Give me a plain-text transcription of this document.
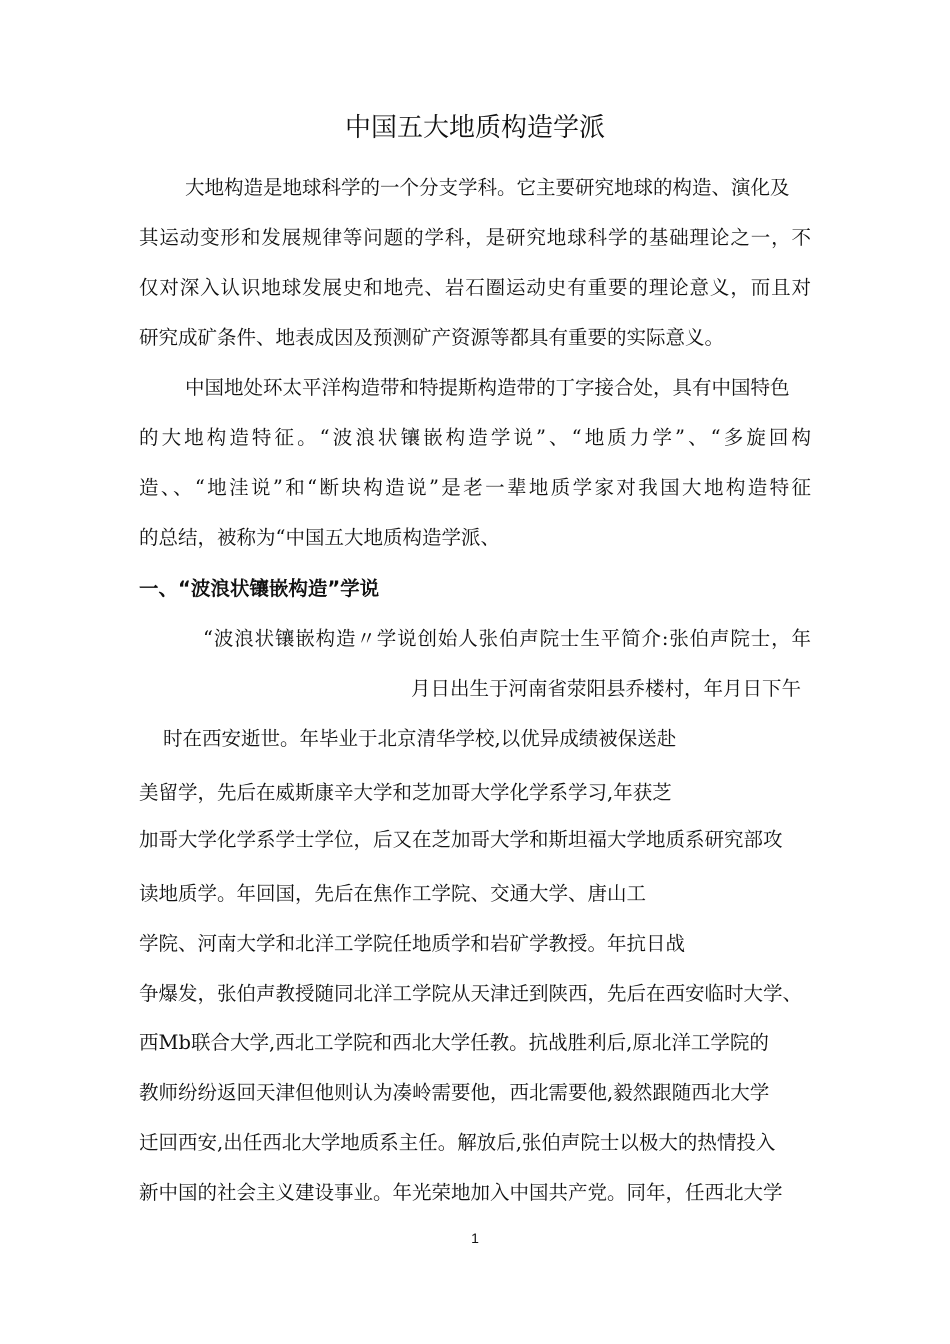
中国五大地质构造学派
大地构造是地球科学的一个分支学科。它主要研究地球的构造、演化及
其运动变形和发展规律等问题的学科，是研究地球科学的基础理论之一，不
仅对深入认识地球发展史和地壳、岩石圈运动史有重要的理论意义，而且对
研究成矿条件、地表成因及预测矿产资源等都具有重要的实际意义。
中国地处环太平洋构造带和特提斯构造带的丁字接合处，具有中国特色
的大地构造特征。“波浪状镶嵌构造学说”、“地质力学”、“多旋回构
造、、“地洼说”和“断块构造说”是老一辈地质学家对我国大地构造特征
的总结，被称为“中国五大地质构造学派、
一、“波浪状镶嵌构造”学说
“波浪状镶嵌构造〃学说创始人张伯声院士生平简介:张伯声院士，年
月日出生于河南省荥阳县乔楼村，年月日下午
时在西安逝世。年毕业于北京清华学校,以优异成绩被保送赴
美留学，先后在威斯康辛大学和芝加哥大学化学系学习,年获芝
加哥大学化学系学士学位，后又在芝加哥大学和斯坦福大学地质系研究部攻
读地质学。年回国，先后在焦作工学院、交通大学、唐山工
学院、河南大学和北洋工学院任地质学和岩矿学教授。年抗日战
争爆发，张伯声教授随同北洋工学院从天津迁到陕西，先后在西安临时大学、
西Mb联合大学,西北工学院和西北大学任教。抗战胜利后,原北洋工学院的
教师纷纷返回天津但他则认为凑岭需要他，西北需要他,毅然跟随西北大学
迁回西安,出任西北大学地质系主任。解放后,张伯声院士以极大的热情投入
新中国的社会主义建设事业。年光荣地加入中国共产党。同年，任西北大学
1
